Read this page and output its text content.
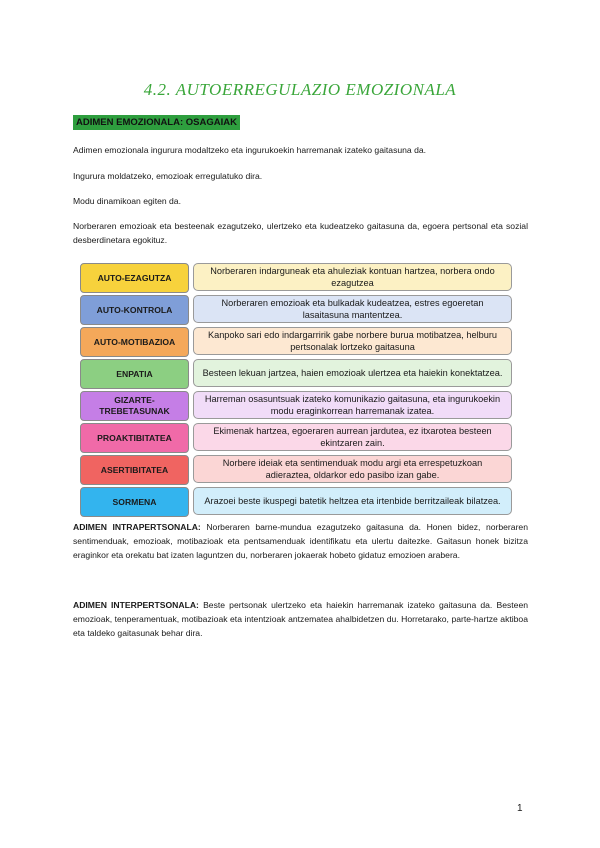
4.2. AUTOERREGULAZIO EMOZIONALA
ADIMEN EMOZIONALA: OSAGAIAK
Adimen emozionala ingurura modaltzeko eta ingurukoekin harremanak izateko gaitasuna da.
Ingurura moldatzeko, emozioak erregulatuko dira.
Modu dinamikoan egiten da.
Norberaren emozioak eta besteenak ezagutzeko, ulertzeko eta kudeatzeko gaitasuna da, egoera pertsonal eta sozial desberdinetara egokituz.
AUTO-EZAGUTZA
Norberaren indarguneak eta ahuleziak kontuan hartzea, norbera ondo ezagutzea
AUTO-KONTROLA
Norberaren emozioak eta bulkadak kudeatzea, estres egoeretan lasaitasuna mantentzea.
AUTO-MOTIBAZIOA
Kanpoko sari edo indargarririk gabe norbere burua motibatzea, helburu pertsonalak lortzeko gaitasuna
ENPATIA	Besteen lekuan jartzea, haien emozioak ulertzea eta haiekin konektatzea.
GIZARTE-TREBETASUNAK
Harreman osasuntsuak izateko komunikazio gaitasuna, eta ingurukoekin modu eraginkorrean harremanak izatea.
PROAKTIBITATEA
Ekimenak hartzea, egoeraren aurrean jardutea, ez itxarotea besteen ekintzaren zain.
ASERTIBITATEA
Norbere ideiak eta sentimenduak modu argi eta errespetuzkoan adieraztea, oldarkor edo pasibo izan gabe.
SORMENA	Arazoei beste ikuspegi batetik heltzea eta irtenbide berritzaileak bilatzea.
ADIMEN INTRAPERTSONALA: Norberaren barne-mundua ezagutzeko gaitasuna da. Honen bidez, norberaren sentimenduak, emozioak, motibazioak eta pentsamenduak identifikatu eta ulertu daitezke. Gaitasun honek bizitza eraginkor eta orekatu bat izaten laguntzen du, norberaren jokaerak hobeto gidatuz emozioen arabera.
ADIMEN INTERPERTSONALA: Beste pertsonak ulertzeko eta haiekin harremanak izateko gaitasuna da. Besteen emozioak, tenperamentuak, motibazioak eta intentzioak antzematea ahalbidetzen du. Horretarako, parte-hartze aktiboa eta taldeko gaitasunak behar dira.
1
